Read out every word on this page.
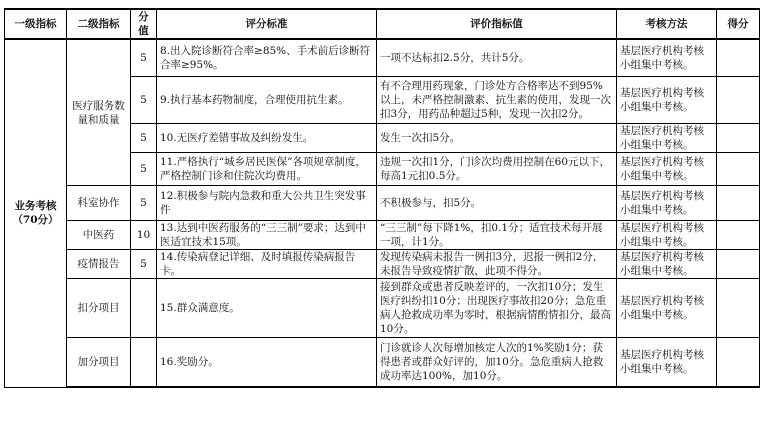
一级指标	二级指标	分值	评分标准	评价指标值	考核方法	得分
业务考核（70分）	医疗服务数量和质量	5	8.出入院诊断符合率≥85%、手术前后诊断符合率≥95%。	一项不达标扣2.5分，共计5分。	基层医疗机构考核小组集中考核。	
		5	9.执行基本药物制度，合理使用抗生素。	有不合理用药现象，门诊处方合格率达不到95%以上，未严格控制激素、抗生素的使用，发现一次扣3分，用药品种超过5种，发现一次扣2分。	基层医疗机构考核小组集中考核。	
		5	10.无医疗差错事故及纠纷发生。	发生一次扣5分。	基层医疗机构考核小组集中考核。	
		5	11.严格执行“城乡居民医保”各项规章制度，严格控制门诊和住院次均费用。	违规一次扣1分，门诊次均费用控制在60元以下，每高1元扣0.5分。	基层医疗机构考核小组集中考核。	
	科室协作	5	12.积极参与院内急救和重大公共卫生突发事件	不积极参与，扣5分。	基层医疗机构考核小组集中考核。	
	中医药	10	13.达到中医药服务的“三三制”要求；达到中医适宜技术15项。	“三三制”每下降1%，扣0.1分；适宜技术每开展一项，计1分。	基层医疗机构考核小组集中考核。	
	疫情报告	5	14.传染病登记详细、及时填报传染病报告卡。	发现传染病未报告一例扣3分，迟报一例扣2分，未报告导致疫情扩散，此项不得分。	基层医疗机构考核小组集中考核。	
	扣分项目		15.群众满意度。	接到群众或患者反映差评的，一次扣10分；发生医疗纠纷扣10分；出现医疗事故扣20分；急危重病人抢救成功率为零时，根据病情酌情扣分，最高10分。	基层医疗机构考核小组集中考核。	
	加分项目		16.奖励分。	门诊就诊人次每增加核定人次的1%奖励1分；获得患者或群众好评的，加10分。急危重病人抢救成功率达100%，加10分。	基层医疗机构考核小组集中考核。	
